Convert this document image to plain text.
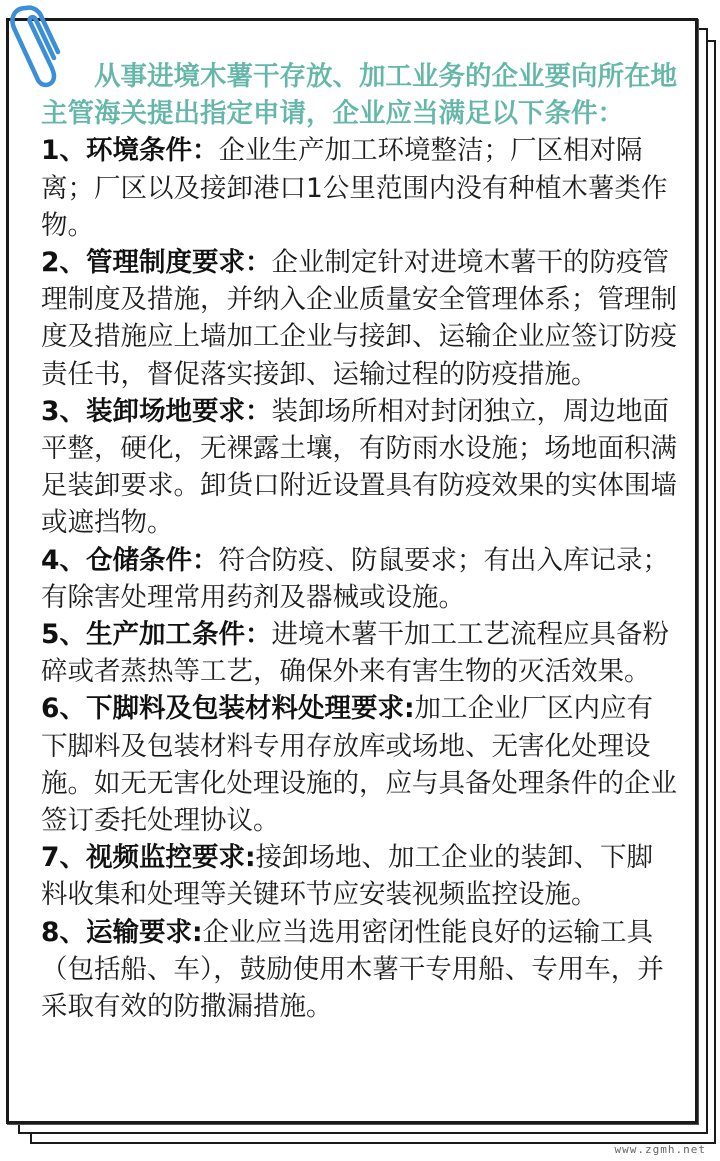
从事进境木薯干存放、加工业务的企业要向所在地主管海关提出指定申请，企业应当满足以下条件：

1、环境条件：企业生产加工环境整洁；厂区相对隔离；厂区以及接卸港口1公里范围内没有种植木薯类作物。

2、管理制度要求：企业制定针对进境木薯干的防疫管理制度及措施，并纳入企业质量安全管理体系；管理制度及措施应上墙加工企业与接卸、运输企业应签订防疫责任书，督促落实接卸、运输过程的防疫措施。

3、装卸场地要求：装卸场所相对封闭独立，周边地面平整，硬化，无裸露土壤，有防雨水设施；场地面积满足装卸要求。卸货口附近设置具有防疫效果的实体围墙或遮挡物。

4、仓储条件：符合防疫、防鼠要求；有出入库记录；有除害处理常用药剂及器械或设施。

5、生产加工条件：进境木薯干加工工艺流程应具备粉碎或者蒸热等工艺，确保外来有害生物的灭活效果。

6、下脚料及包装材料处理要求:加工企业厂区内应有下脚料及包装材料专用存放库或场地、无害化处理设施。如无无害化处理设施的，应与具备处理条件的企业签订委托处理协议。

7、视频监控要求:接卸场地、加工企业的装卸、下脚料收集和处理等关键环节应安装视频监控设施。

8、运输要求:企业应当选用密闭性能良好的运输工具（包括船、车），鼓励使用木薯干专用船、专用车，并采取有效的防撒漏措施。

www.zgmh.net
